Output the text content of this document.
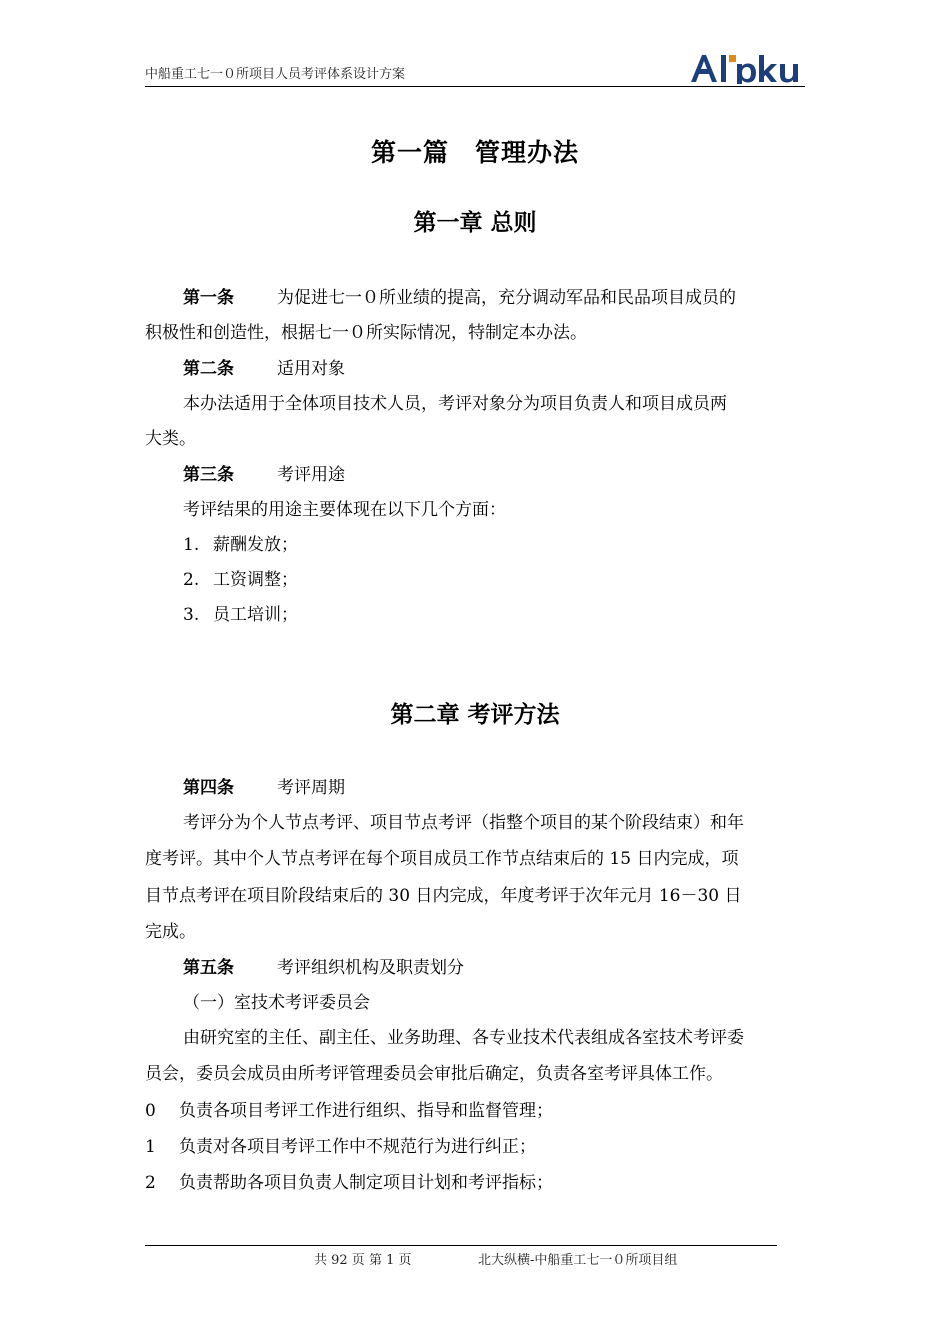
中船重工七一０所项目人员考评体系设计方案
第一篇　管理办法
第一章 总则
第一条	为促进七一０所业绩的提高，充分调动军品和民品项目成员的
积极性和创造性，根据七一０所实际情况，特制定本办法。
第二条	适用对象
本办法适用于全体项目技术人员，考评对象分为项目负责人和项目成员两
大类。
第三条	考评用途
考评结果的用途主要体现在以下几个方面：
1. 薪酬发放；
2. 工资调整；
3. 员工培训；
第二章 考评方法
第四条	考评周期
考评分为个人节点考评、项目节点考评（指整个项目的某个阶段结束）和年
度考评。其中个人节点考评在每个项目成员工作节点结束后的 15 日内完成，项
目节点考评在项目阶段结束后的 30 日内完成，年度考评于次年元月 16－30 日
完成。
第五条	考评组织机构及职责划分
（一）室技术考评委员会
由研究室的主任、副主任、业务助理、各专业技术代表组成各室技术考评委
员会，委员会成员由所考评管理委员会审批后确定，负责各室考评具体工作。
0 负责各项目考评工作进行组织、指导和监督管理；
1 负责对各项目考评工作中不规范行为进行纠正；
2 负责帮助各项目负责人制定项目计划和考评指标；
共 92 页 第 1 页	北大纵横-中船重工七一０所项目组
